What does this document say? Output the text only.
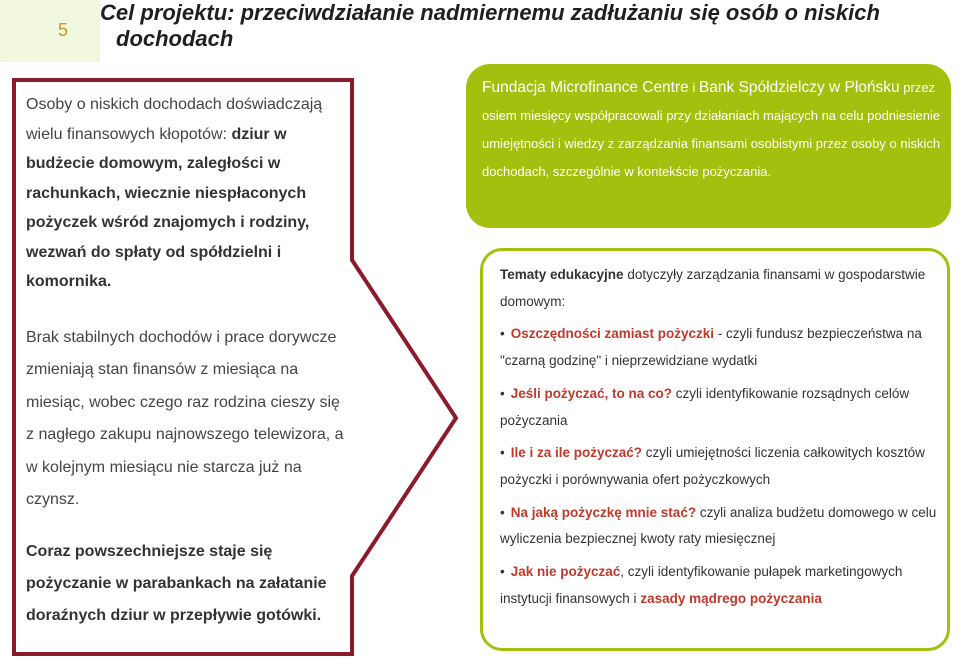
5
Cel projektu: przeciwdziałanie nadmiernemu zadłużaniu się osób o niskich
dochodach

Osoby o niskich dochodach doświadczają wielu finansowych kłopotów: dziur w budżecie domowym, zaległości w rachunkach, wiecznie niespłaconych pożyczek wśród znajomych i rodziny, wezwań do spłaty od spółdzielni i komornika.

Brak stabilnych dochodów i prace dorywcze zmieniają stan finansów z miesiąca na miesiąc, wobec czego raz rodzina cieszy się z nagłego zakupu najnowszego telewizora, a w kolejnym miesiącu nie starcza już na czynsz.

Coraz powszechniejsze staje się pożyczanie w parabankach na załatanie doraźnych dziur w przepływie gotówki.

Fundacja Microfinance Centre i Bank Spółdzielczy w Płońsku przez osiem miesięcy współpracowali przy działaniach mających na celu podniesienie umiejętności i wiedzy z zarządzania finansami osobistymi przez osoby o niskich dochodach, szczególnie w kontekście pożyczania.

Tematy edukacyjne dotyczyły zarządzania finansami w gospodarstwie domowym:

• Oszczędności zamiast pożyczki - czyli fundusz bezpieczeństwa na "czarną godzinę" i nieprzewidziane wydatki
• Jeśli pożyczać, to na co? czyli identyfikowanie rozsądnych celów pożyczania
• Ile i za ile pożyczać? czyli umiejętności liczenia całkowitych kosztów pożyczki i porównywania ofert pożyczkowych
• Na jaką pożyczkę mnie stać? czyli analiza budżetu domowego w celu wyliczenia bezpiecznej kwoty raty miesięcznej
• Jak nie pożyczać, czyli identyfikowanie pułapek marketingowych instytucji finansowych i zasady mądrego pożyczania
